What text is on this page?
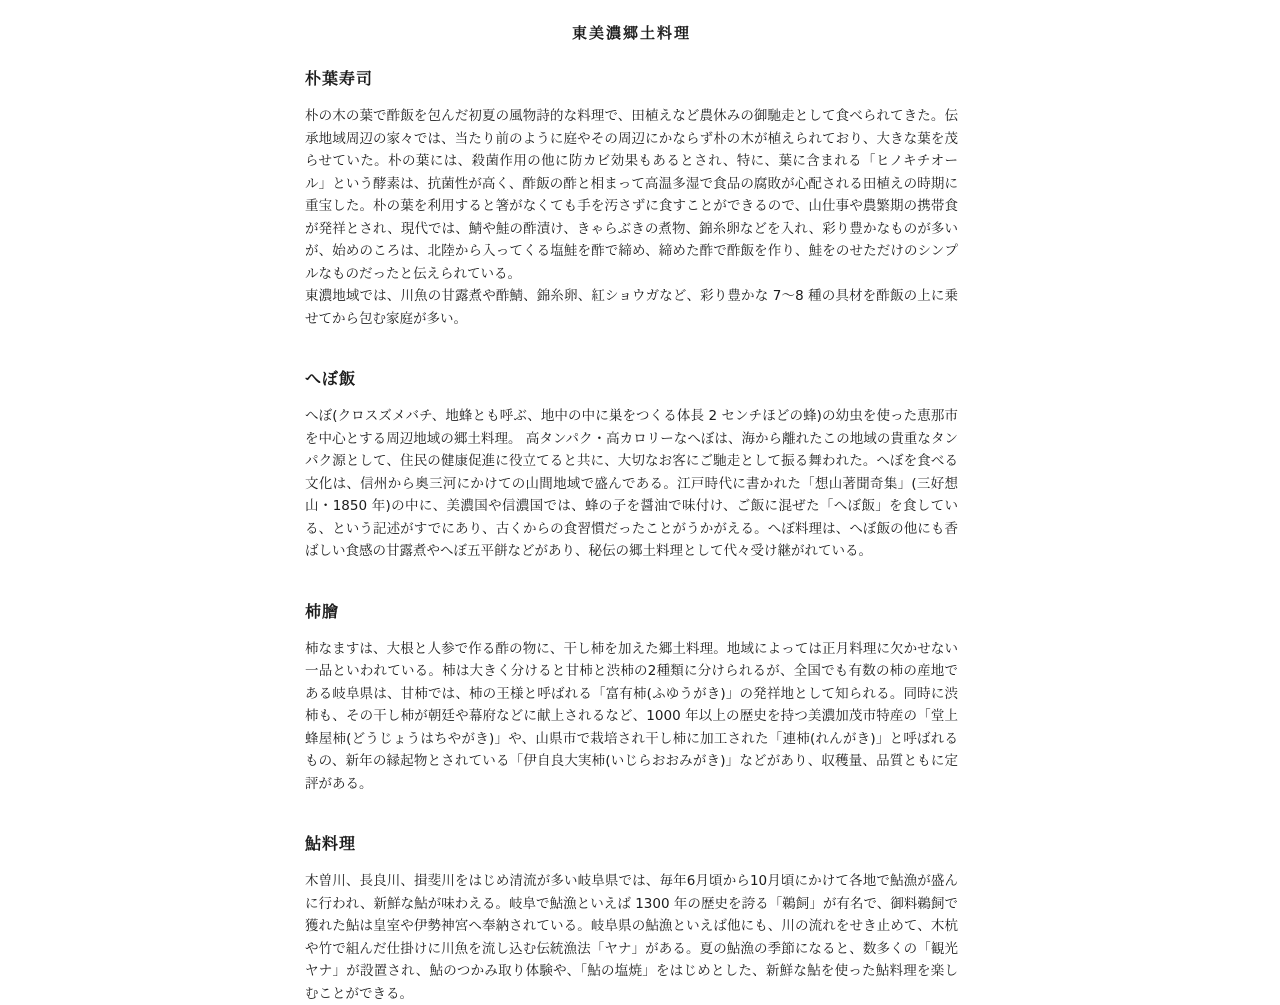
東美濃郷土料理
朴葉寿司

朴の木の葉で酢飯を包んだ初夏の風物詩的な料理で、田植えなど農休みの御馳走として食べられてきた。伝承地域周辺の家々では、当たり前のように庭やその周辺にかならず朴の木が植えられており、大きな葉を茂らせていた。朴の葉には、殺菌作用の他に防カビ効果もあるとされ、特に、葉に含まれる「ヒノキチオール」という酵素は、抗菌性が高く、酢飯の酢と相まって高温多湿で食品の腐敗が心配される田植えの時期に重宝した。朴の葉を利用すると箸がなくても手を汚さずに食すことができるので、山仕事や農繁期の携帯食が発祥とされ、現代では、鯖や鮭の酢漬け、きゃらぶきの煮物、錦糸卵などを入れ、彩り豊かなものが多いが、始めのころは、北陸から入ってくる塩鮭を酢で締め、締めた酢で酢飯を作り、鮭をのせただけのシンプルなものだったと伝えられている。

東濃地域では、川魚の甘露煮や酢鯖、錦糸卵、紅ショウガなど、彩り豊かな 7～8 種の具材を酢飯の上に乗せてから包む家庭が多い。

へぼ飯

へぼ(クロスズメバチ、地蜂とも呼ぶ、地中の中に巣をつくる体長 2 センチほどの蜂)の幼虫を使った恵那市を中心とする周辺地域の郷土料理。 高タンパク・高カロリーなへぼは、海から離れたこの地域の貴重なタンパク源として、住民の健康促進に役立てると共に、大切なお客にご馳走として振る舞われた。へぼを食べる文化は、信州から奥三河にかけての山間地域で盛んである。江戸時代に書かれた「想山著聞奇集」(三好想山・1850 年)の中に、美濃国や信濃国では、蜂の子を醤油で味付け、ご飯に混ぜた「へぼ飯」を食している、という記述がすでにあり、古くからの食習慣だったことがうかがえる。へぼ料理は、へぼ飯の他にも香ばしい食感の甘露煮やへぼ五平餅などがあり、秘伝の郷土料理として代々受け継がれている。

柿膾

柿なますは、大根と人参で作る酢の物に、干し柿を加えた郷土料理。地域によっては正月料理に欠かせない一品といわれている。柿は大きく分けると甘柿と渋柿の2種類に分けられるが、全国でも有数の柿の産地である岐阜県は、甘柿では、柿の王様と呼ばれる「富有柿(ふゆうがき)」の発祥地として知られる。同時に渋柿も、その干し柿が朝廷や幕府などに献上されるなど、1000 年以上の歴史を持つ美濃加茂市特産の「堂上蜂屋柿(どうじょうはちやがき)」や、山県市で栽培され干し柿に加工された「連柿(れんがき)」と呼ばれるもの、新年の縁起物とされている「伊自良大実柿(いじらおおみがき)」などがあり、収穫量、品質ともに定評がある。

鮎料理

木曽川、長良川、揖斐川をはじめ清流が多い岐阜県では、毎年6月頃から10月頃にかけて各地で鮎漁が盛んに行われ、新鮮な鮎が味わえる。岐阜で鮎漁といえば 1300 年の歴史を誇る「鵜飼」が有名で、御料鵜飼で獲れた鮎は皇室や伊勢神宮へ奉納されている。岐阜県の鮎漁といえば他にも、川の流れをせき止めて、木杭や竹で組んだ仕掛けに川魚を流し込む伝統漁法「ヤナ」がある。夏の鮎漁の季節になると、数多くの「観光ヤナ」が設置され、鮎のつかみ取り体験や、「鮎の塩焼」をはじめとした、新鮮な鮎を使った鮎料理を楽しむことができる。
